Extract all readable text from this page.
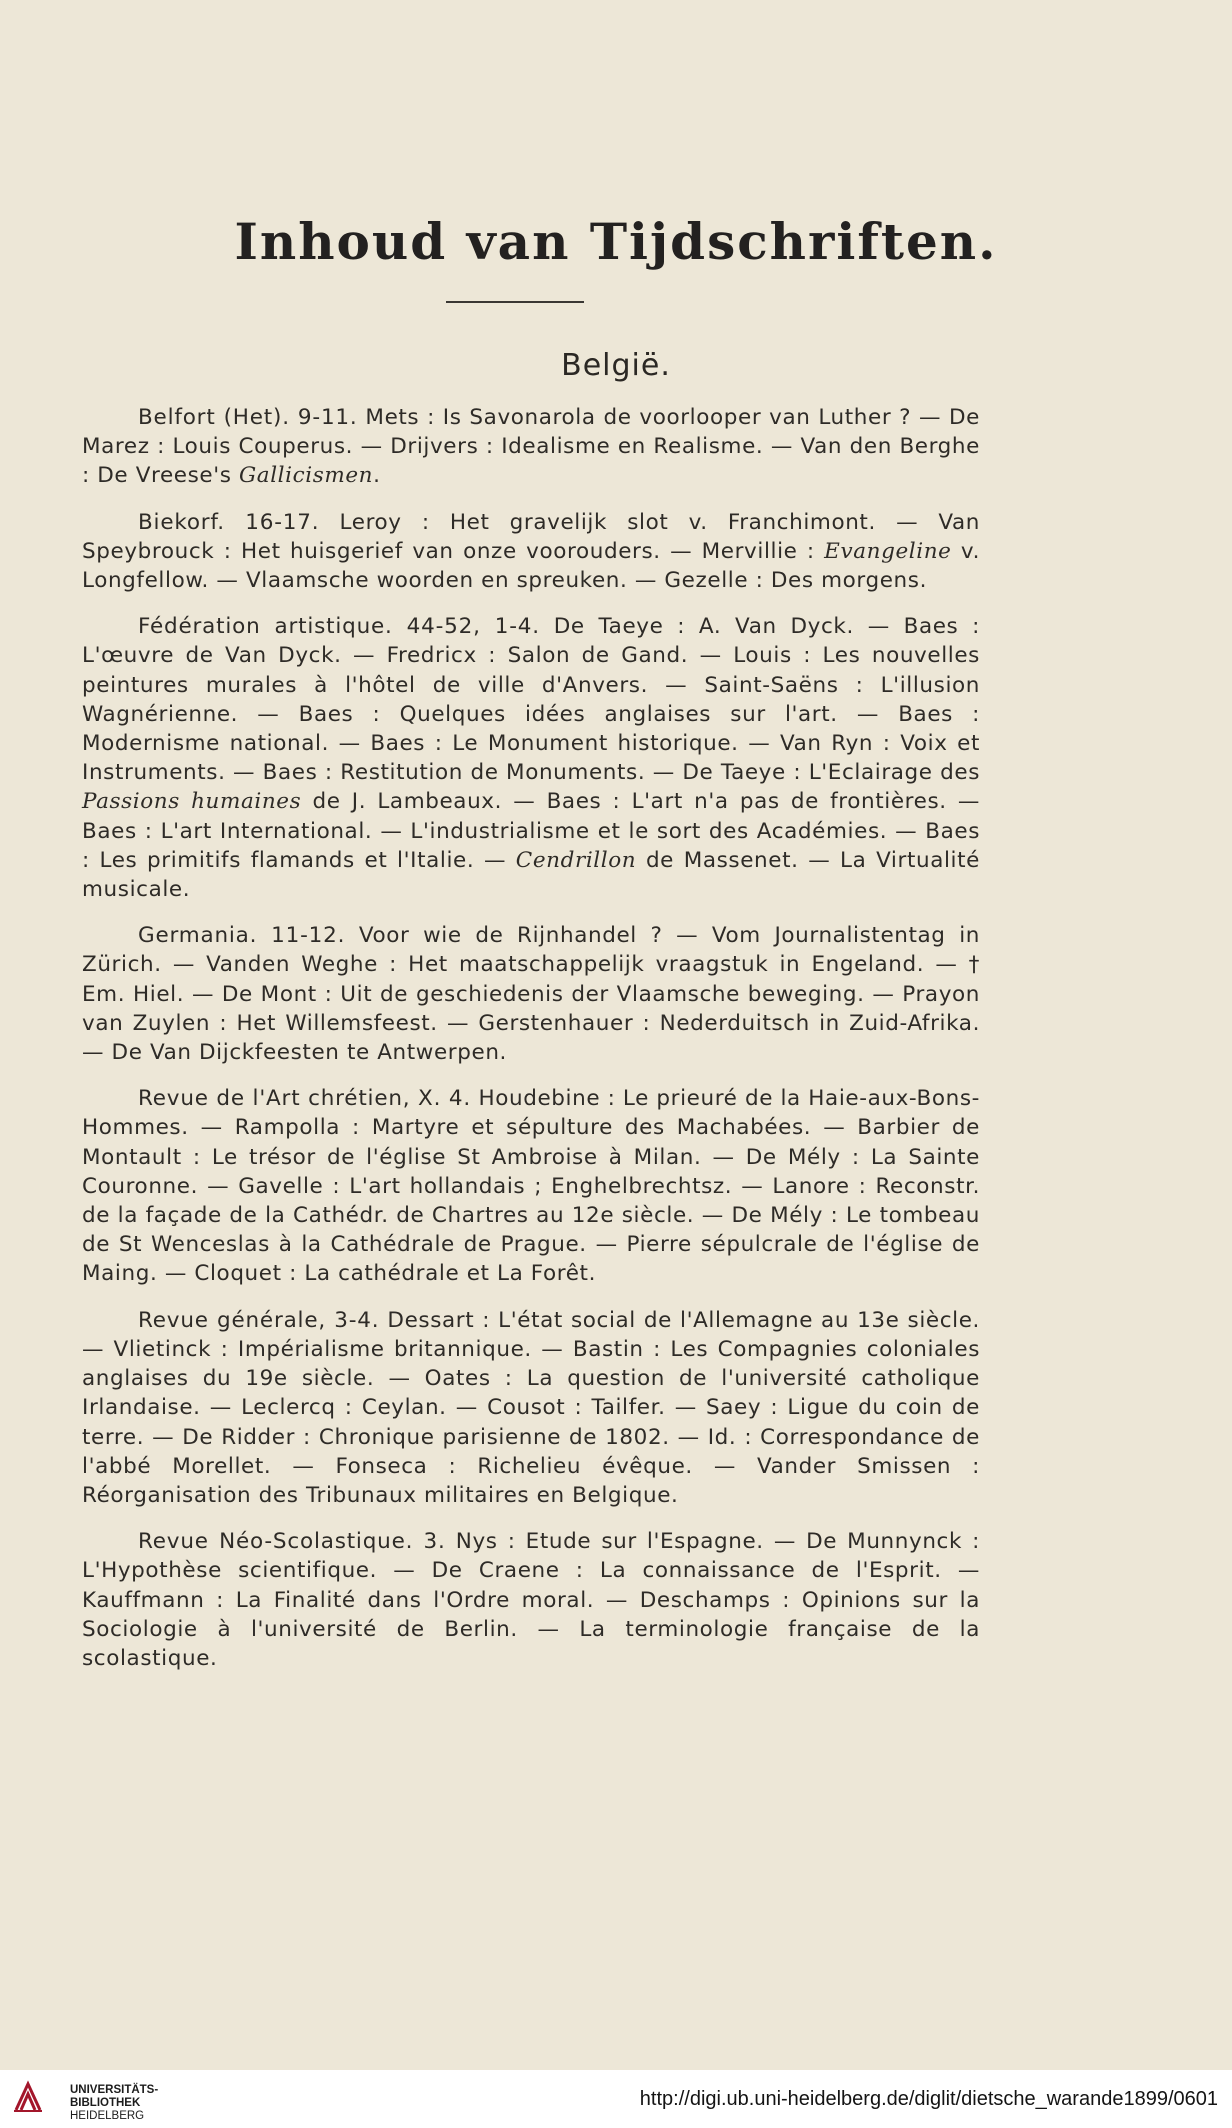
Inhoud van Tijdschriften.
België.

Belfort (Het). 9-11. Mets : Is Savonarola de voorlooper van Luther ? — De Marez : Louis Couperus. — Drijvers : Idealisme en Realisme. — Van den Berghe : De Vreese's Gallicismen.

Biekorf. 16-17. Leroy : Het gravelijk slot v. Franchimont. — Van Speybrouck : Het huisgerief van onze voorouders. — Mervillie : Evangeline v. Longfellow. — Vlaamsche woorden en spreuken. — Gezelle : Des morgens.

Fédération artistique. 44-52, 1-4. De Taeye : A. Van Dyck. — Baes : L'œuvre de Van Dyck. — Fredricx : Salon de Gand. — Louis : Les nouvelles peintures murales à l'hôtel de ville d'Anvers. — Saint-Saëns : L'illusion Wagnérienne. — Baes : Quelques idées anglaises sur l'art. — Baes : Modernisme national. — Baes : Le Monument historique. — Van Ryn : Voix et Instruments. — Baes : Restitution de Monuments. — De Taeye : L'Eclairage des Passions humaines de J. Lambeaux. — Baes : L'art n'a pas de frontières. — Baes : L'art International. — L'industrialisme et le sort des Académies. — Baes : Les primitifs flamands et l'Italie. — Cendrillon de Massenet. — La Virtualité musicale.

Germania. 11-12. Voor wie de Rijnhandel ? — Vom Journalistentag in Zürich. — Vanden Weghe : Het maatschappelijk vraagstuk in Engeland. — † Em. Hiel. — De Mont : Uit de geschiedenis der Vlaamsche beweging. — Prayon van Zuylen : Het Willemsfeest. — Gerstenhauer : Nederduitsch in Zuid-Afrika. — De Van Dijckfeesten te Antwerpen.

Revue de l'Art chrétien, X. 4. Houdebine : Le prieuré de la Haie-aux-Bons-Hommes. — Rampolla : Martyre et sépulture des Machabées. — Barbier de Montault : Le trésor de l'église St Ambroise à Milan. — De Mély : La Sainte Couronne. — Gavelle : L'art hollandais ; Enghelbrechtsz. — Lanore : Reconstr. de la façade de la Cathédr. de Chartres au 12e siècle. — De Mély : Le tombeau de St Wenceslas à la Cathédrale de Prague. — Pierre sépulcrale de l'église de Maing. — Cloquet : La cathédrale et La Forêt.

Revue générale, 3-4. Dessart : L'état social de l'Allemagne au 13e siècle. — Vlietinck : Impérialisme britannique. — Bastin : Les Compagnies coloniales anglaises du 19e siècle. — Oates : La question de l'université catholique Irlandaise. — Leclercq : Ceylan. — Cousot : Tailfer. — Saey : Ligue du coin de terre. — De Ridder : Chronique parisienne de 1802. — Id. : Correspondance de l'abbé Morellet. — Fonseca : Richelieu évêque. — Vander Smissen : Réorganisation des Tribunaux militaires en Belgique.

Revue Néo-Scolastique. 3. Nys : Etude sur l'Espagne. — De Munnynck : L'Hypothèse scientifique. — De Craene : La connaissance de l'Esprit. — Kauffmann : La Finalité dans l'Ordre moral. — Deschamps : Opinions sur la Sociologie à l'université de Berlin. — La terminologie française de la scolastique.

UNIVERSITÄTS-
BIBLIOTHEK
HEIDELBERG
http://digi.ub.uni-heidelberg.de/diglit/dietsche_warande1899/0601
